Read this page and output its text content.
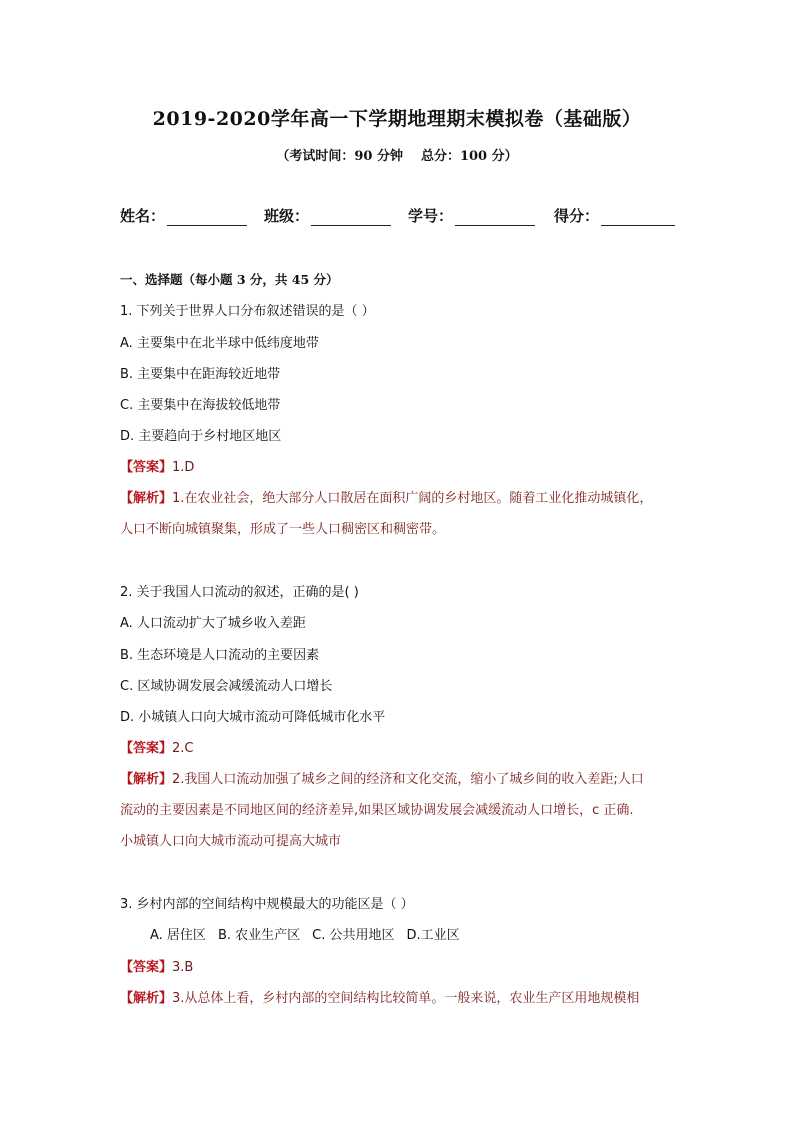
2019-2020学年高一下学期地理期末模拟卷（基础版）
（考试时间：90 分钟 总分：100 分）
姓名：	班级：	学号：	得分：
一、选择题（每小题 3 分，共 45 分）
1. 下列关于世界人口分布叙述错误的是（ ）
A. 主要集中在北半球中低纬度地带
B. 主要集中在距海较近地带
C. 主要集中在海拔较低地带
D. 主要趋向于乡村地区地区
【答案】1.D
【解析】1.在农业社会，绝大部分人口散居在面积广阔的乡村地区。随着工业化推动城镇化，
人口不断向城镇聚集，形成了一些人口稠密区和稠密带。
2. 关于我国人口流动的叙述，正确的是( )
A. 人口流动扩大了城乡收入差距
B. 生态环境是人口流动的主要因素
C. 区域协调发展会减缓流动人口增长
D. 小城镇人口向大城市流动可降低城市化水平
【答案】2.C
【解析】2.我国人口流动加强了城乡之间的经济和文化交流，缩小了城乡间的收入差距;人口
流动的主要因素是不同地区间的经济差异,如果区域协调发展会减缓流动人口增长，c 正确.
小城镇人口向大城市流动可提高大城市
3. 乡村内部的空间结构中规模最大的功能区是（ ）
A. 居住区 B. 农业生产区 C. 公共用地区 D.工业区
【答案】3.B
【解析】3.从总体上看，乡村内部的空间结构比较简单。一般来说，农业生产区用地规模相
